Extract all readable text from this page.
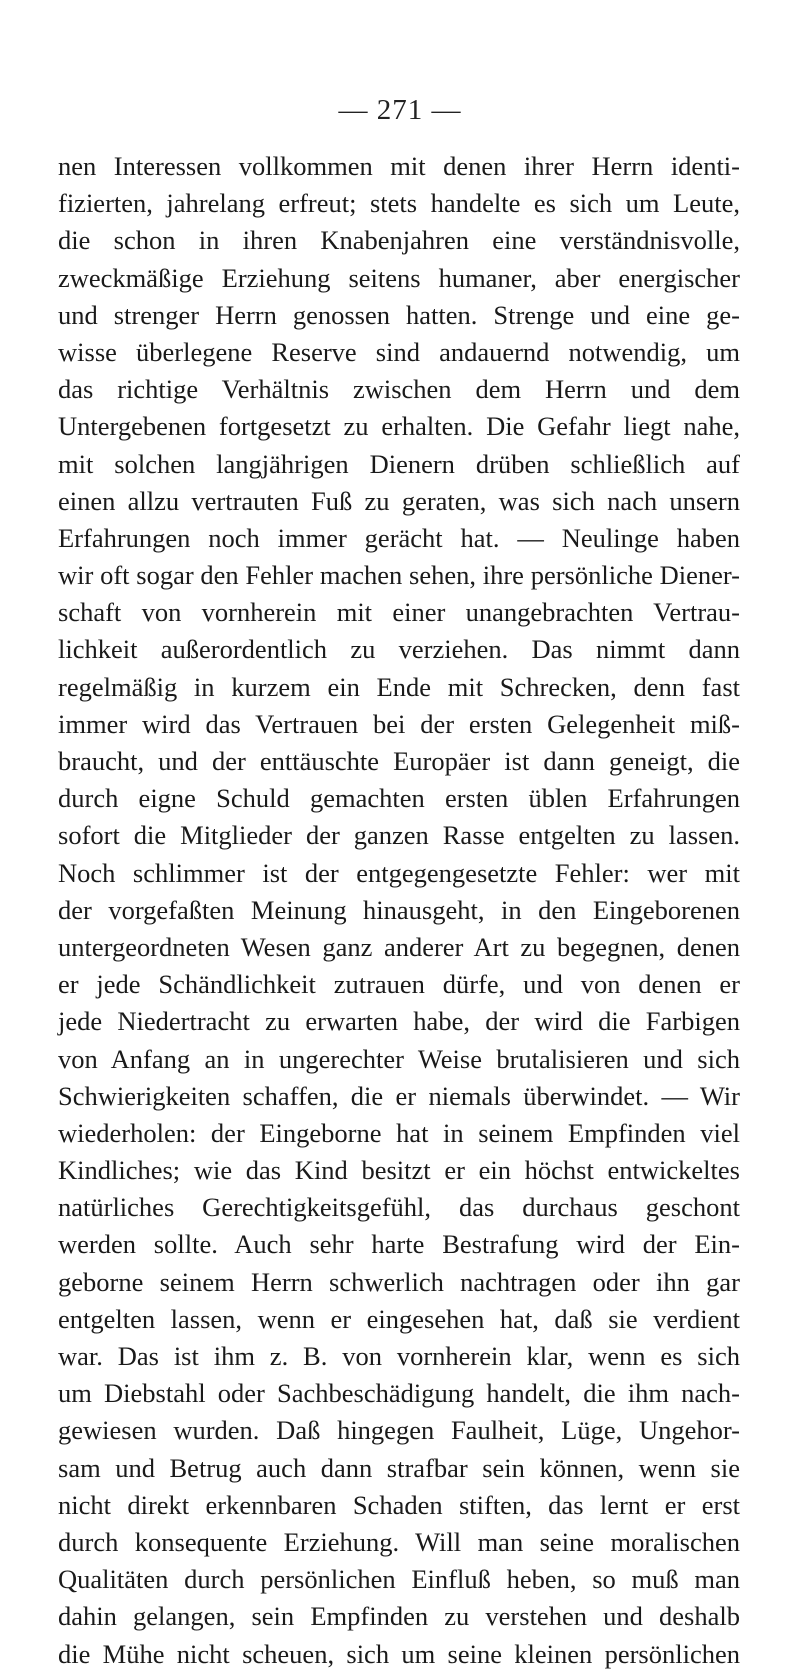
— 271 —
nen Interessen vollkommen mit denen ihrer Herrn identi-
fizierten, jahrelang erfreut; stets handelte es sich um Leute,
die schon in ihren Knabenjahren eine verständnisvolle,
zweckmäßige Erziehung seitens humaner, aber energischer
und strenger Herrn genossen hatten. Strenge und eine ge-
wisse überlegene Reserve sind andauernd notwendig, um
das richtige Verhältnis zwischen dem Herrn und dem
Untergebenen fortgesetzt zu erhalten. Die Gefahr liegt nahe,
mit solchen langjährigen Dienern drüben schließlich auf
einen allzu vertrauten Fuß zu geraten, was sich nach unsern
Erfahrungen noch immer gerächt hat. — Neulinge haben
wir oft sogar den Fehler machen sehen, ihre persönliche Diener-
schaft von vornherein mit einer unangebrachten Vertrau-
lichkeit außerordentlich zu verziehen. Das nimmt dann
regelmäßig in kurzem ein Ende mit Schrecken, denn fast
immer wird das Vertrauen bei der ersten Gelegenheit miß-
braucht, und der enttäuschte Europäer ist dann geneigt, die
durch eigne Schuld gemachten ersten üblen Erfahrungen
sofort die Mitglieder der ganzen Rasse entgelten zu lassen.
Noch schlimmer ist der entgegengesetzte Fehler: wer mit
der vorgefaßten Meinung hinausgeht, in den Eingeborenen
untergeordneten Wesen ganz anderer Art zu begegnen, denen
er jede Schändlichkeit zutrauen dürfe, und von denen er
jede Niedertracht zu erwarten habe, der wird die Farbigen
von Anfang an in ungerechter Weise brutalisieren und sich
Schwierigkeiten schaffen, die er niemals überwindet. — Wir
wiederholen: der Eingeborne hat in seinem Empfinden viel
Kindliches; wie das Kind besitzt er ein höchst entwickeltes
natürliches Gerechtigkeitsgefühl, das durchaus geschont
werden sollte. Auch sehr harte Bestrafung wird der Ein-
geborne seinem Herrn schwerlich nachtragen oder ihn gar
entgelten lassen, wenn er eingesehen hat, daß sie verdient
war. Das ist ihm z. B. von vornherein klar, wenn es sich
um Diebstahl oder Sachbeschädigung handelt, die ihm nach-
gewiesen wurden. Daß hingegen Faulheit, Lüge, Ungehor-
sam und Betrug auch dann strafbar sein können, wenn sie
nicht direkt erkennbaren Schaden stiften, das lernt er erst
durch konsequente Erziehung. Will man seine moralischen
Qualitäten durch persönlichen Einfluß heben, so muß man
dahin gelangen, sein Empfinden zu verstehen und deshalb
die Mühe nicht scheuen, sich um seine kleinen persönlichen
